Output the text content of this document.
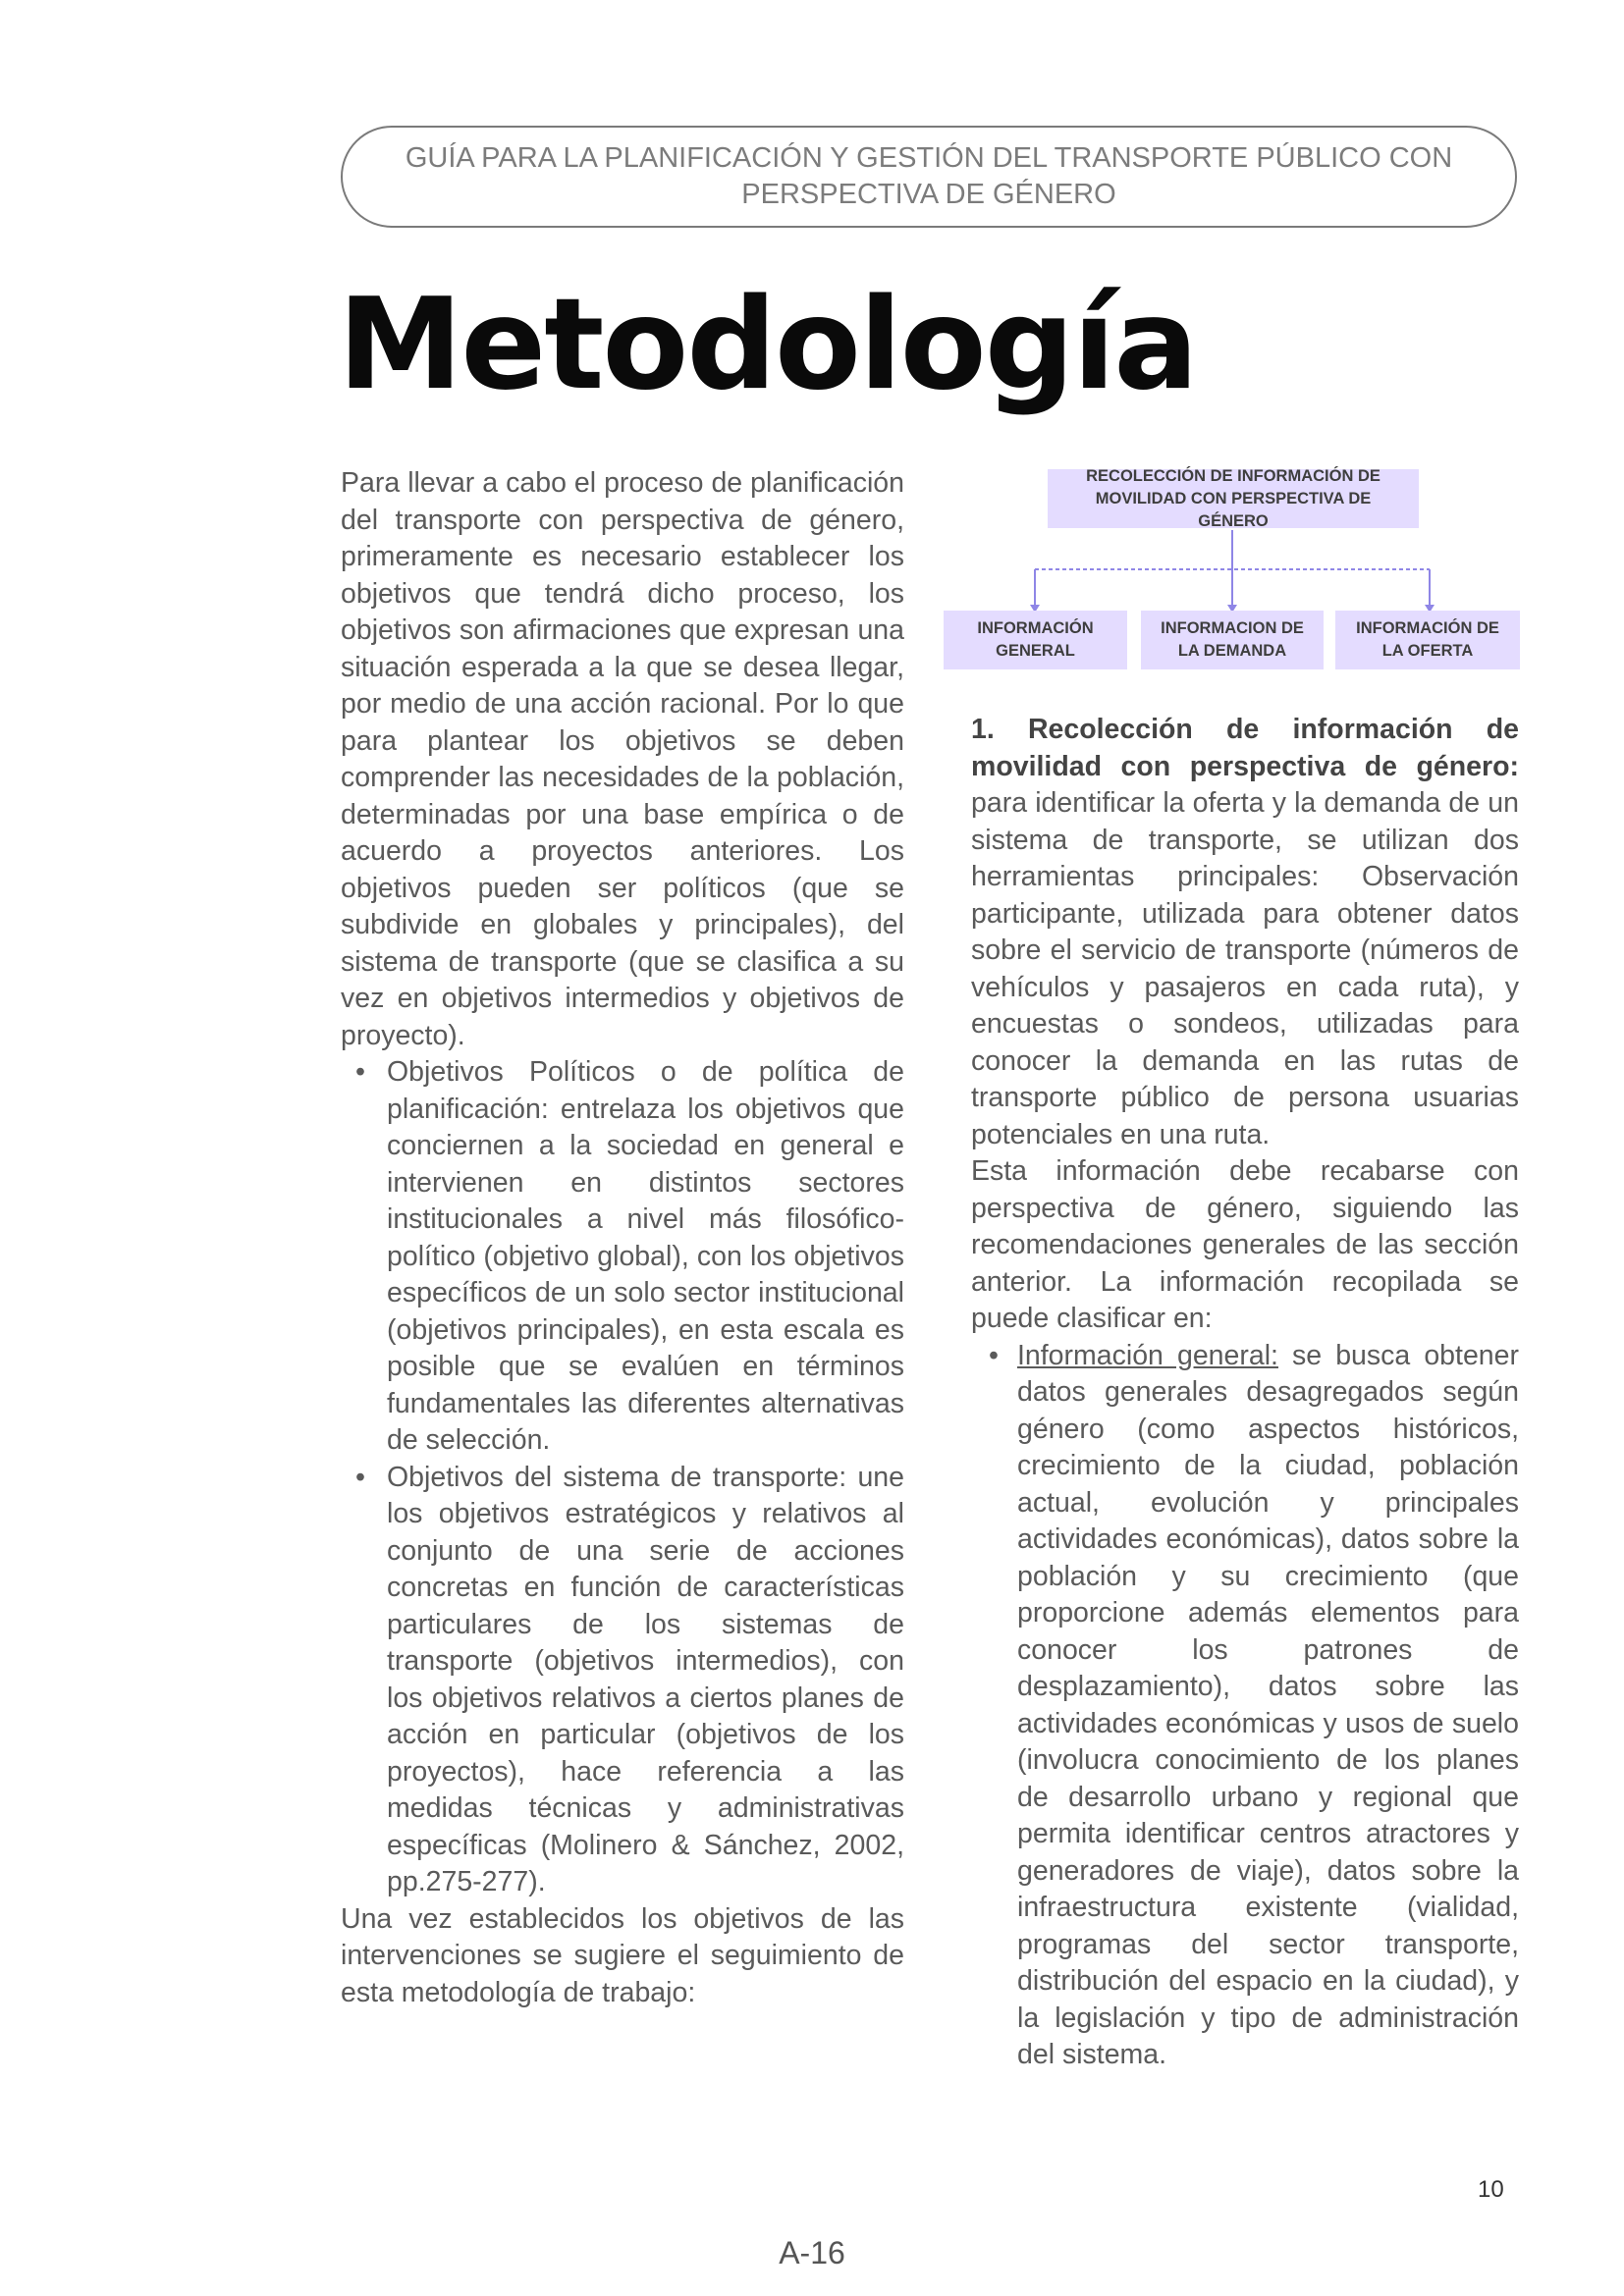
GUÍA PARA LA PLANIFICACIÓN Y GESTIÓN DEL TRANSPORTE PÚBLICO CON
PERSPECTIVA DE GÉNERO
Metodología

Para llevar a cabo el proceso de planificación del transporte con perspectiva de género, primeramente es necesario establecer los objetivos que tendrá dicho proceso, los objetivos son afirmaciones que expresan una situación esperada a la que se desea llegar, por medio de una acción racional. Por lo que para plantear los objetivos se deben comprender las necesidades de la población, determinadas por una base empírica o de acuerdo a proyectos anteriores. Los objetivos pueden ser políticos (que se subdivide en globales y principales), del sistema de transporte (que se clasifica a su vez en objetivos intermedios y objetivos de proyecto).

• Objetivos Políticos o de política de planificación: entrelaza los objetivos que conciernen a la sociedad en general e intervienen en distintos sectores institucionales a nivel más filosófico-político (objetivo global), con los objetivos específicos de un solo sector institucional (objetivos principales), en esta escala es posible que se evalúen en términos fundamentales las diferentes alternativas de selección.
• Objetivos del sistema de transporte: une los objetivos estratégicos y relativos al conjunto de una serie de acciones concretas en función de características particulares de los sistemas de transporte (objetivos intermedios), con los objetivos relativos a ciertos planes de acción en particular (objetivos de los proyectos), hace referencia a las medidas técnicas y administrativas específicas (Molinero & Sánchez, 2002, pp.275-277).

Una vez establecidos los objetivos de las intervenciones se sugiere el seguimiento de esta metodología de trabajo:

RECOLECCIÓN DE INFORMACIÓN DE MOVILIDAD CON PERSPECTIVA DE GÉNERO
INFORMACIÓN GENERAL
INFORMACION DE LA DEMANDA
INFORMACIÓN DE LA OFERTA

1. Recolección de información de movilidad con perspectiva de género: para identificar la oferta y la demanda de un sistema de transporte, se utilizan dos herramientas principales: Observación participante, utilizada para obtener datos sobre el servicio de transporte (números de vehículos y pasajeros en cada ruta), y encuestas o sondeos, utilizadas para conocer la demanda en las rutas de transporte público de persona usuarias potenciales en una ruta.

Esta información debe recabarse con perspectiva de género, siguiendo las recomendaciones generales de las sección anterior. La información recopilada se puede clasificar en:

• Información general: se busca obtener datos generales desagregados según género (como aspectos históricos, crecimiento de la ciudad, población actual, evolución y principales actividades económicas), datos sobre la población y su crecimiento (que proporcione además elementos para conocer los patrones de desplazamiento), datos sobre las actividades económicas y usos de suelo (involucra conocimiento de los planes de desarrollo urbano y regional que permita identificar centros atractores y generadores de viaje), datos sobre la infraestructura existente (vialidad, programas del sector transporte, distribución del espacio en la ciudad), y la legislación y tipo de administración del sistema.
10
A-16
